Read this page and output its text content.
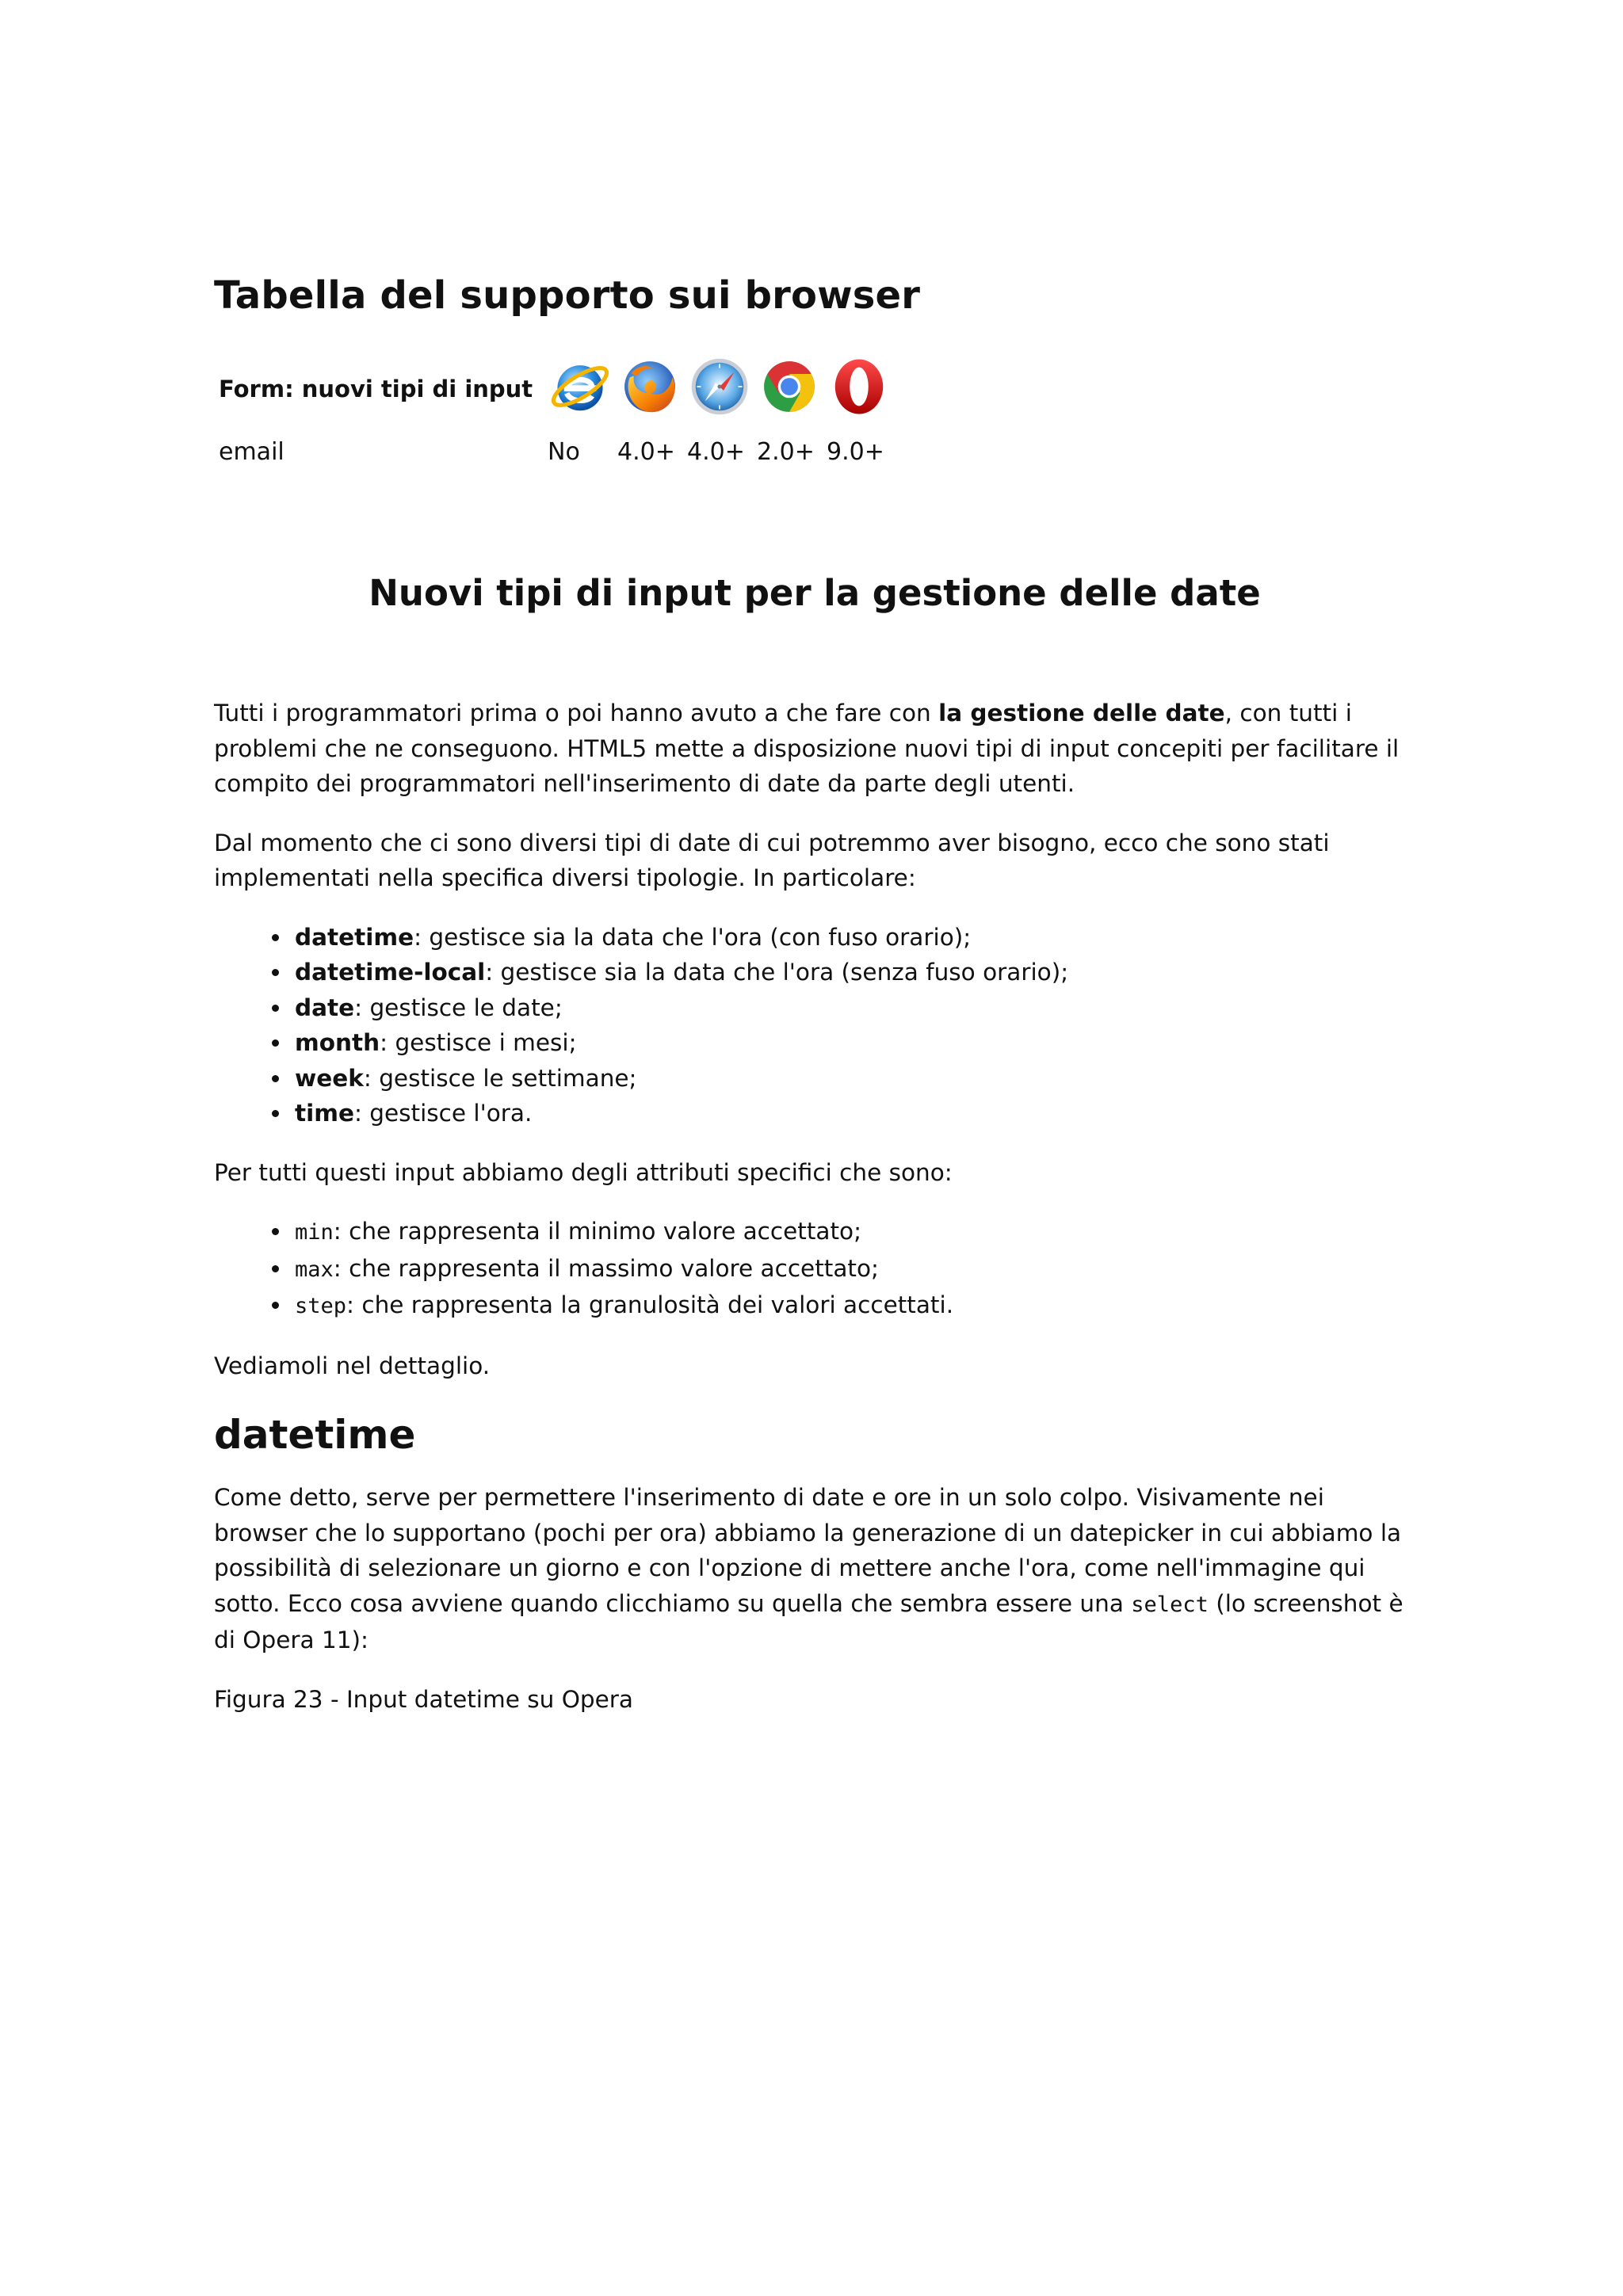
Tabella del supporto sui browser
Form: nuovi tipi di input
email	No 4.0+ 4.0+ 2.0+ 9.0+
Nuovi tipi di input per la gestione delle date

Tutti i programmatori prima o poi hanno avuto a che fare con la gestione delle date, con tutti i problemi che ne conseguono. HTML5 mette a disposizione nuovi tipi di input concepiti per facilitare il compito dei programmatori nell'inserimento di date da parte degli utenti.

Dal momento che ci sono diversi tipi di date di cui potremmo aver bisogno, ecco che sono stati implementati nella specifica diversi tipologie. In particolare:

• datetime: gestisce sia la data che l'ora (con fuso orario);
• datetime-local: gestisce sia la data che l'ora (senza fuso orario);
• date: gestisce le date;
• month: gestisce i mesi;
• week: gestisce le settimane;
• time: gestisce l'ora.

Per tutti questi input abbiamo degli attributi specifici che sono:

• min: che rappresenta il minimo valore accettato;
• max: che rappresenta il massimo valore accettato;
• step: che rappresenta la granulosità dei valori accettati.

Vediamoli nel dettaglio.

datetime

Come detto, serve per permettere l'inserimento di date e ore in un solo colpo. Visivamente nei browser che lo supportano (pochi per ora) abbiamo la generazione di un datepicker in cui abbiamo la possibilità di selezionare un giorno e con l'opzione di mettere anche l'ora, come nell'immagine qui sotto. Ecco cosa avviene quando clicchiamo su quella che sembra essere una select (lo screenshot è di Opera 11):

Figura 23 - Input datetime su Opera
